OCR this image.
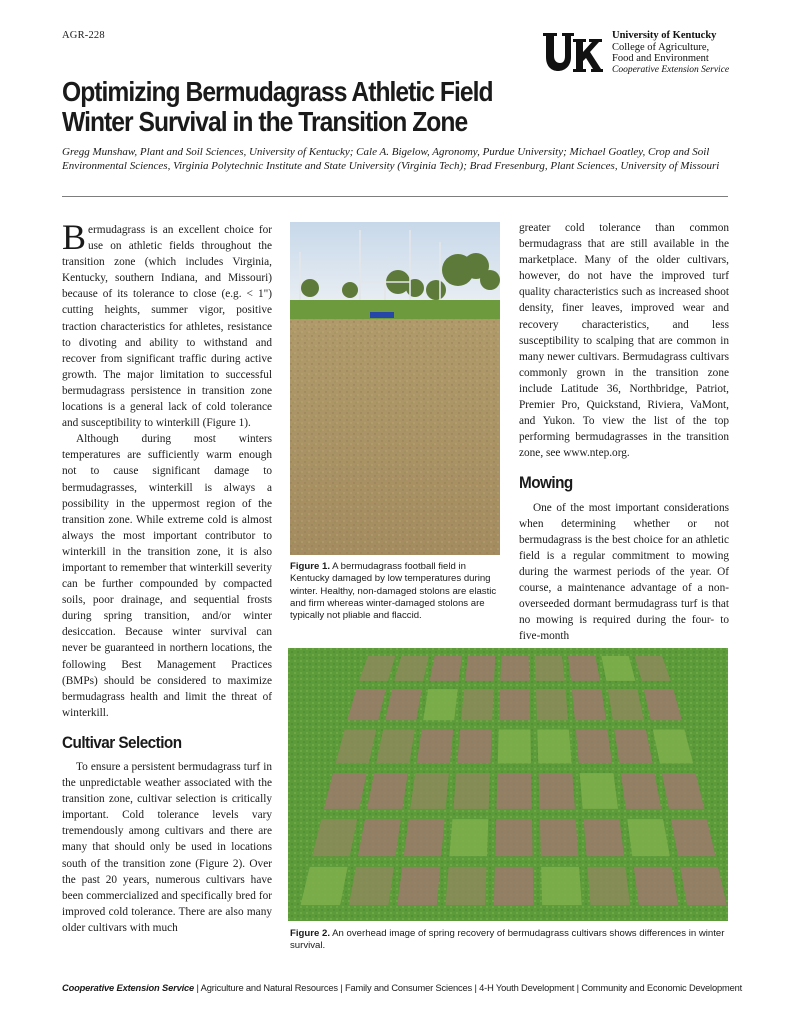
AGR-228	University of Kentucky
College of Agriculture,
Food and Environment
Cooperative Extension Service
Optimizing Bermudagrass Athletic Field
Winter Survival in the Transition Zone

Gregg Munshaw, Plant and Soil Sciences, University of Kentucky; Cale A. Bigelow, Agronomy, Purdue University; Michael Goatley, Crop and Soil Environmental Sciences, Virginia Polytechnic Institute and State University (Virginia Tech); Brad Fresenburg, Plant Sciences, University of Missouri

Bermudagrass is an excellent choice for use on athletic fields throughout the transition zone (which includes Virginia, Kentucky, southern Indiana, and Missouri) because of its tolerance to close (e.g. < 1") cutting heights, summer vigor, positive traction characteristics for athletes, resistance to divoting and ability to withstand and recover from significant traffic during active growth. The major limitation to successful bermudagrass persistence in transition zone locations is a general lack of cold tolerance and susceptibility to winterkill (Figure 1).

Although during most winters temperatures are sufficiently warm enough not to cause significant damage to bermudagrasses, winterkill is always a possibility in the uppermost region of the transition zone. While extreme cold is almost always the most important contributor to winterkill in the transition zone, it is also important to remember that winterkill severity can be further compounded by compacted soils, poor drainage, and sequential frosts during spring transition, and/or winter desiccation. Because winter survival can never be guaranteed in northern locations, the following Best Management Practices (BMPs) should be considered to maximize bermudagrass health and limit the threat of winterkill.

Cultivar Selection

To ensure a persistent bermudagrass turf in the unpredictable weather associated with the transition zone, cultivar selection is critically important. Cold tolerance levels vary tremendously among cultivars and there are many that should only be used in locations south of the transition zone (Figure 2). Over the past 20 years, numerous cultivars have been commercialized and specifically bred for improved cold tolerance. There are also many older cultivars with much

Figure 1. A bermudagrass football field in Kentucky damaged by low temperatures during winter. Healthy, non-damaged stolons are elastic and firm whereas winter-damaged stolons are typically not pliable and flaccid.

greater cold tolerance than common bermudagrass that are still available in the marketplace. Many of the older cultivars, however, do not have the improved turf quality characteristics such as increased shoot density, finer leaves, improved wear and recovery characteristics, and less susceptibility to scalping that are common in many newer cultivars. Bermudagrass cultivars commonly grown in the transition zone include Latitude 36, Northbridge, Patriot, Premier Pro, Quickstand, Riviera, VaMont, and Yukon. To view the list of the top performing bermudagrasses in the transition zone, see www.ntep.org.

Mowing

One of the most important considerations when determining whether or not bermudagrass is the best choice for an athletic field is a regular commitment to mowing during the warmest periods of the year. Of course, a maintenance advantage of a non-overseeded dormant bermudagrass turf is that no mowing is required during the four- to five-month

Figure 2. An overhead image of spring recovery of bermudagrass cultivars shows differences in winter survival.
Cooperative Extension Service | Agriculture and Natural Resources | Family and Consumer Sciences | 4-H Youth Development | Community and Economic Development
